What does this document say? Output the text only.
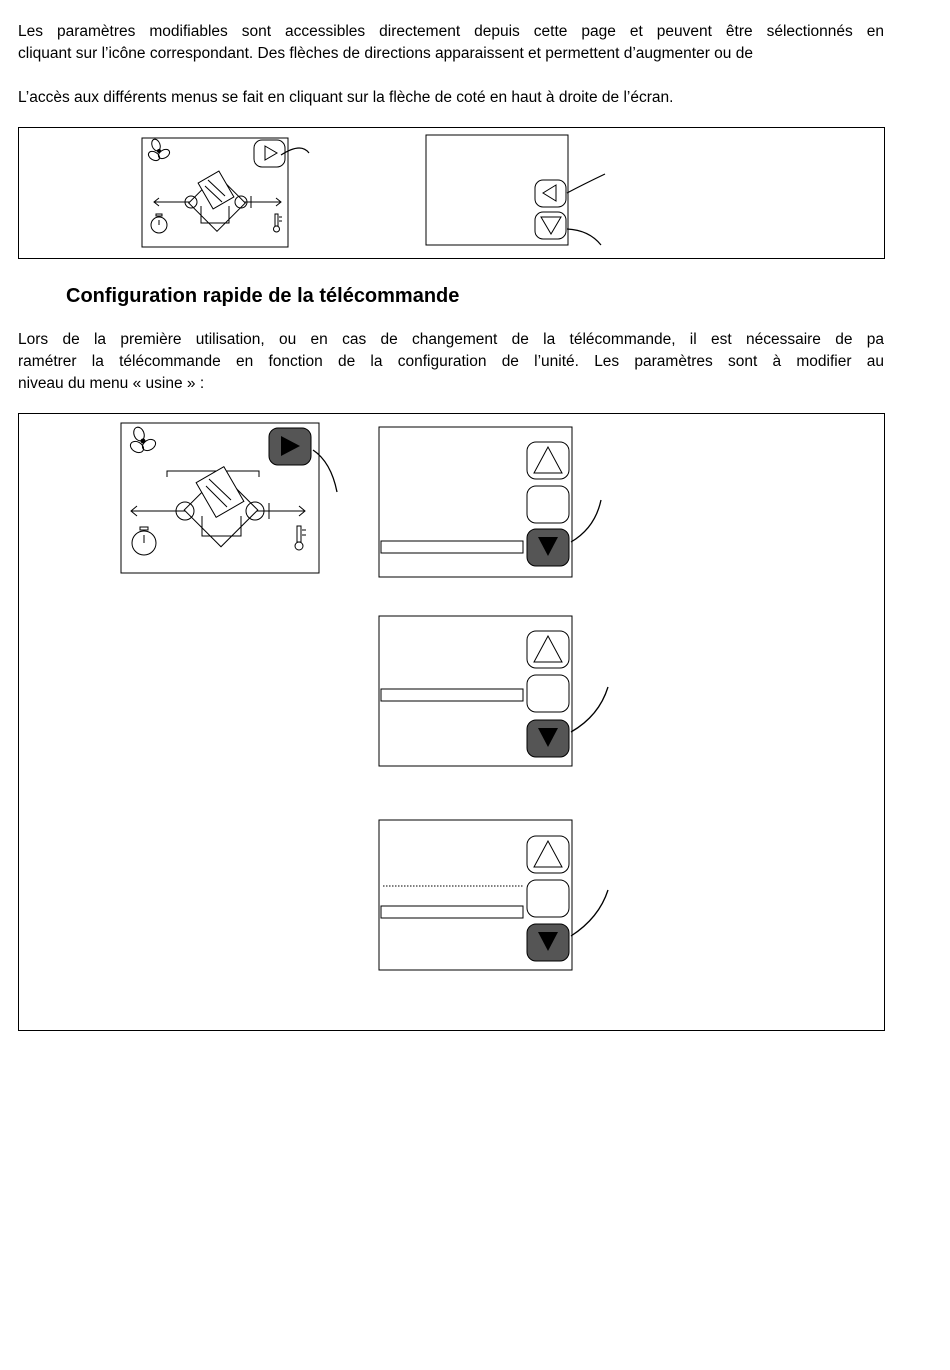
Les paramètres modifiables sont accessibles directement depuis cette page et peuvent être sélectionnés en
cliquant sur l’icône correspondant. Des flèches de directions apparaissent et permettent d’augmenter ou de

L’accès aux différents menus se fait en cliquant sur la flèche de coté en haut à droite de l’écran.

Configuration rapide de la télécommande

Lors de la première utilisation, ou en cas de changement de la télécommande, il est nécessaire de pa
ramétrer la télécommande en fonction de la configuration de l’unité. Les paramètres sont à modifier au
niveau du menu « usine » :
